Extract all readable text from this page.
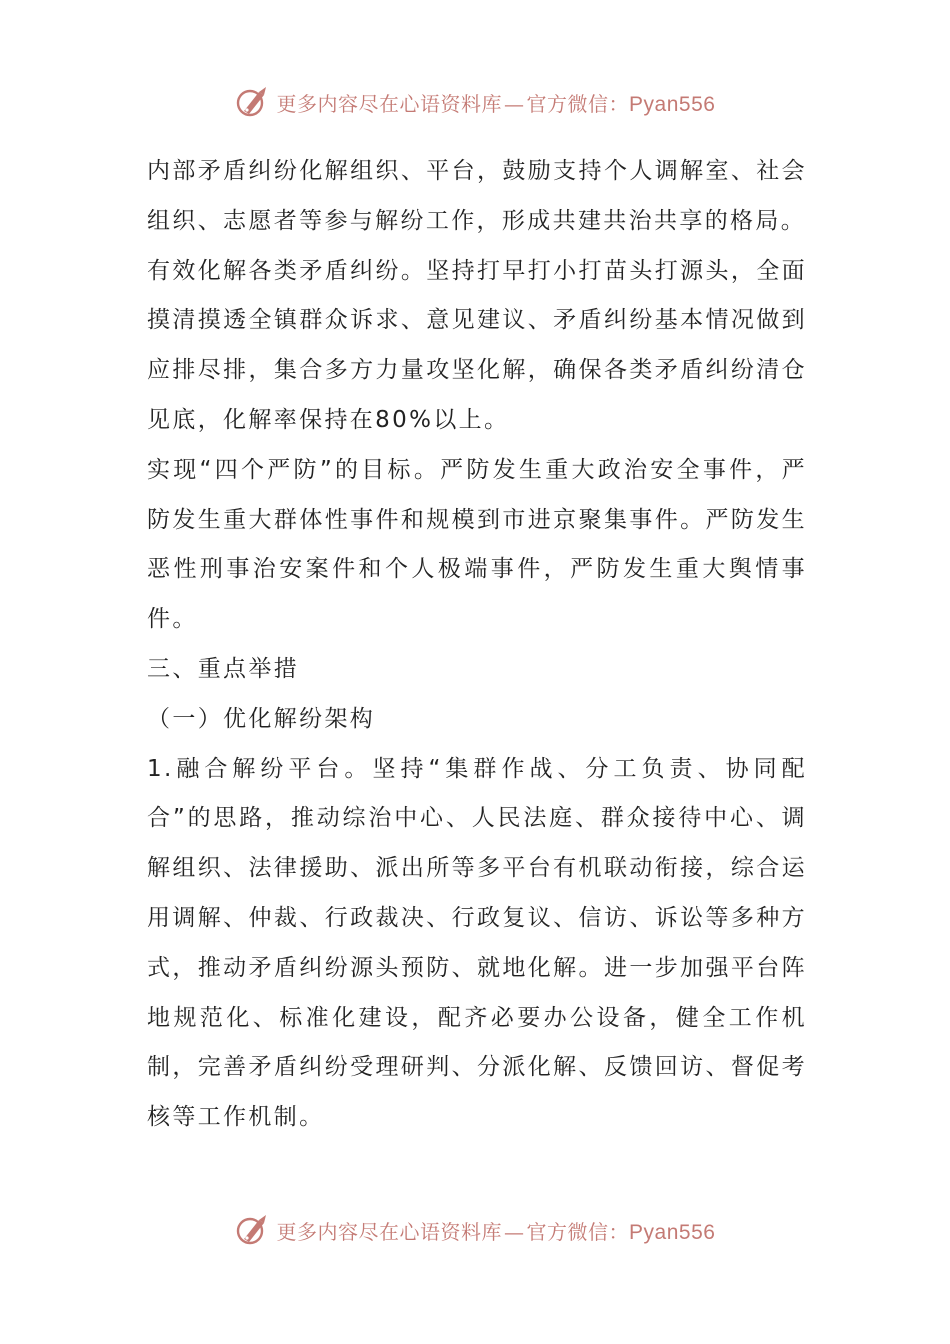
更多内容尽在心语资料库 — 官方微信：Pyan556

内部矛盾纠纷化解组织、平台，鼓励支持个人调解室、社会组织、志愿者等参与解纷工作，形成共建共治共享的格局。

有效化解各类矛盾纠纷。坚持打早打小打苗头打源头，全面摸清摸透全镇群众诉求、意见建议、矛盾纠纷基本情况做到应排尽排，集合多方力量攻坚化解，确保各类矛盾纠纷清仓见底，化解率保持在80%以上。

实现“四个严防”的目标。严防发生重大政治安全事件，严防发生重大群体性事件和规模到市进京聚集事件。严防发生恶性刑事治安案件和个人极端事件，严防发生重大舆情事件。

三、重点举措

（一）优化解纷架构

1.融合解纷平台。坚持“集群作战、分工负责、协同配合”的思路，推动综治中心、人民法庭、群众接待中心、调解组织、法律援助、派出所等多平台有机联动衔接，综合运用调解、仲裁、行政裁决、行政复议、信访、诉讼等多种方式，推动矛盾纠纷源头预防、就地化解。进一步加强平台阵地规范化、标准化建设，配齐必要办公设备，健全工作机制，完善矛盾纠纷受理研判、分派化解、反馈回访、督促考核等工作机制。

更多内容尽在心语资料库 — 官方微信：Pyan556
